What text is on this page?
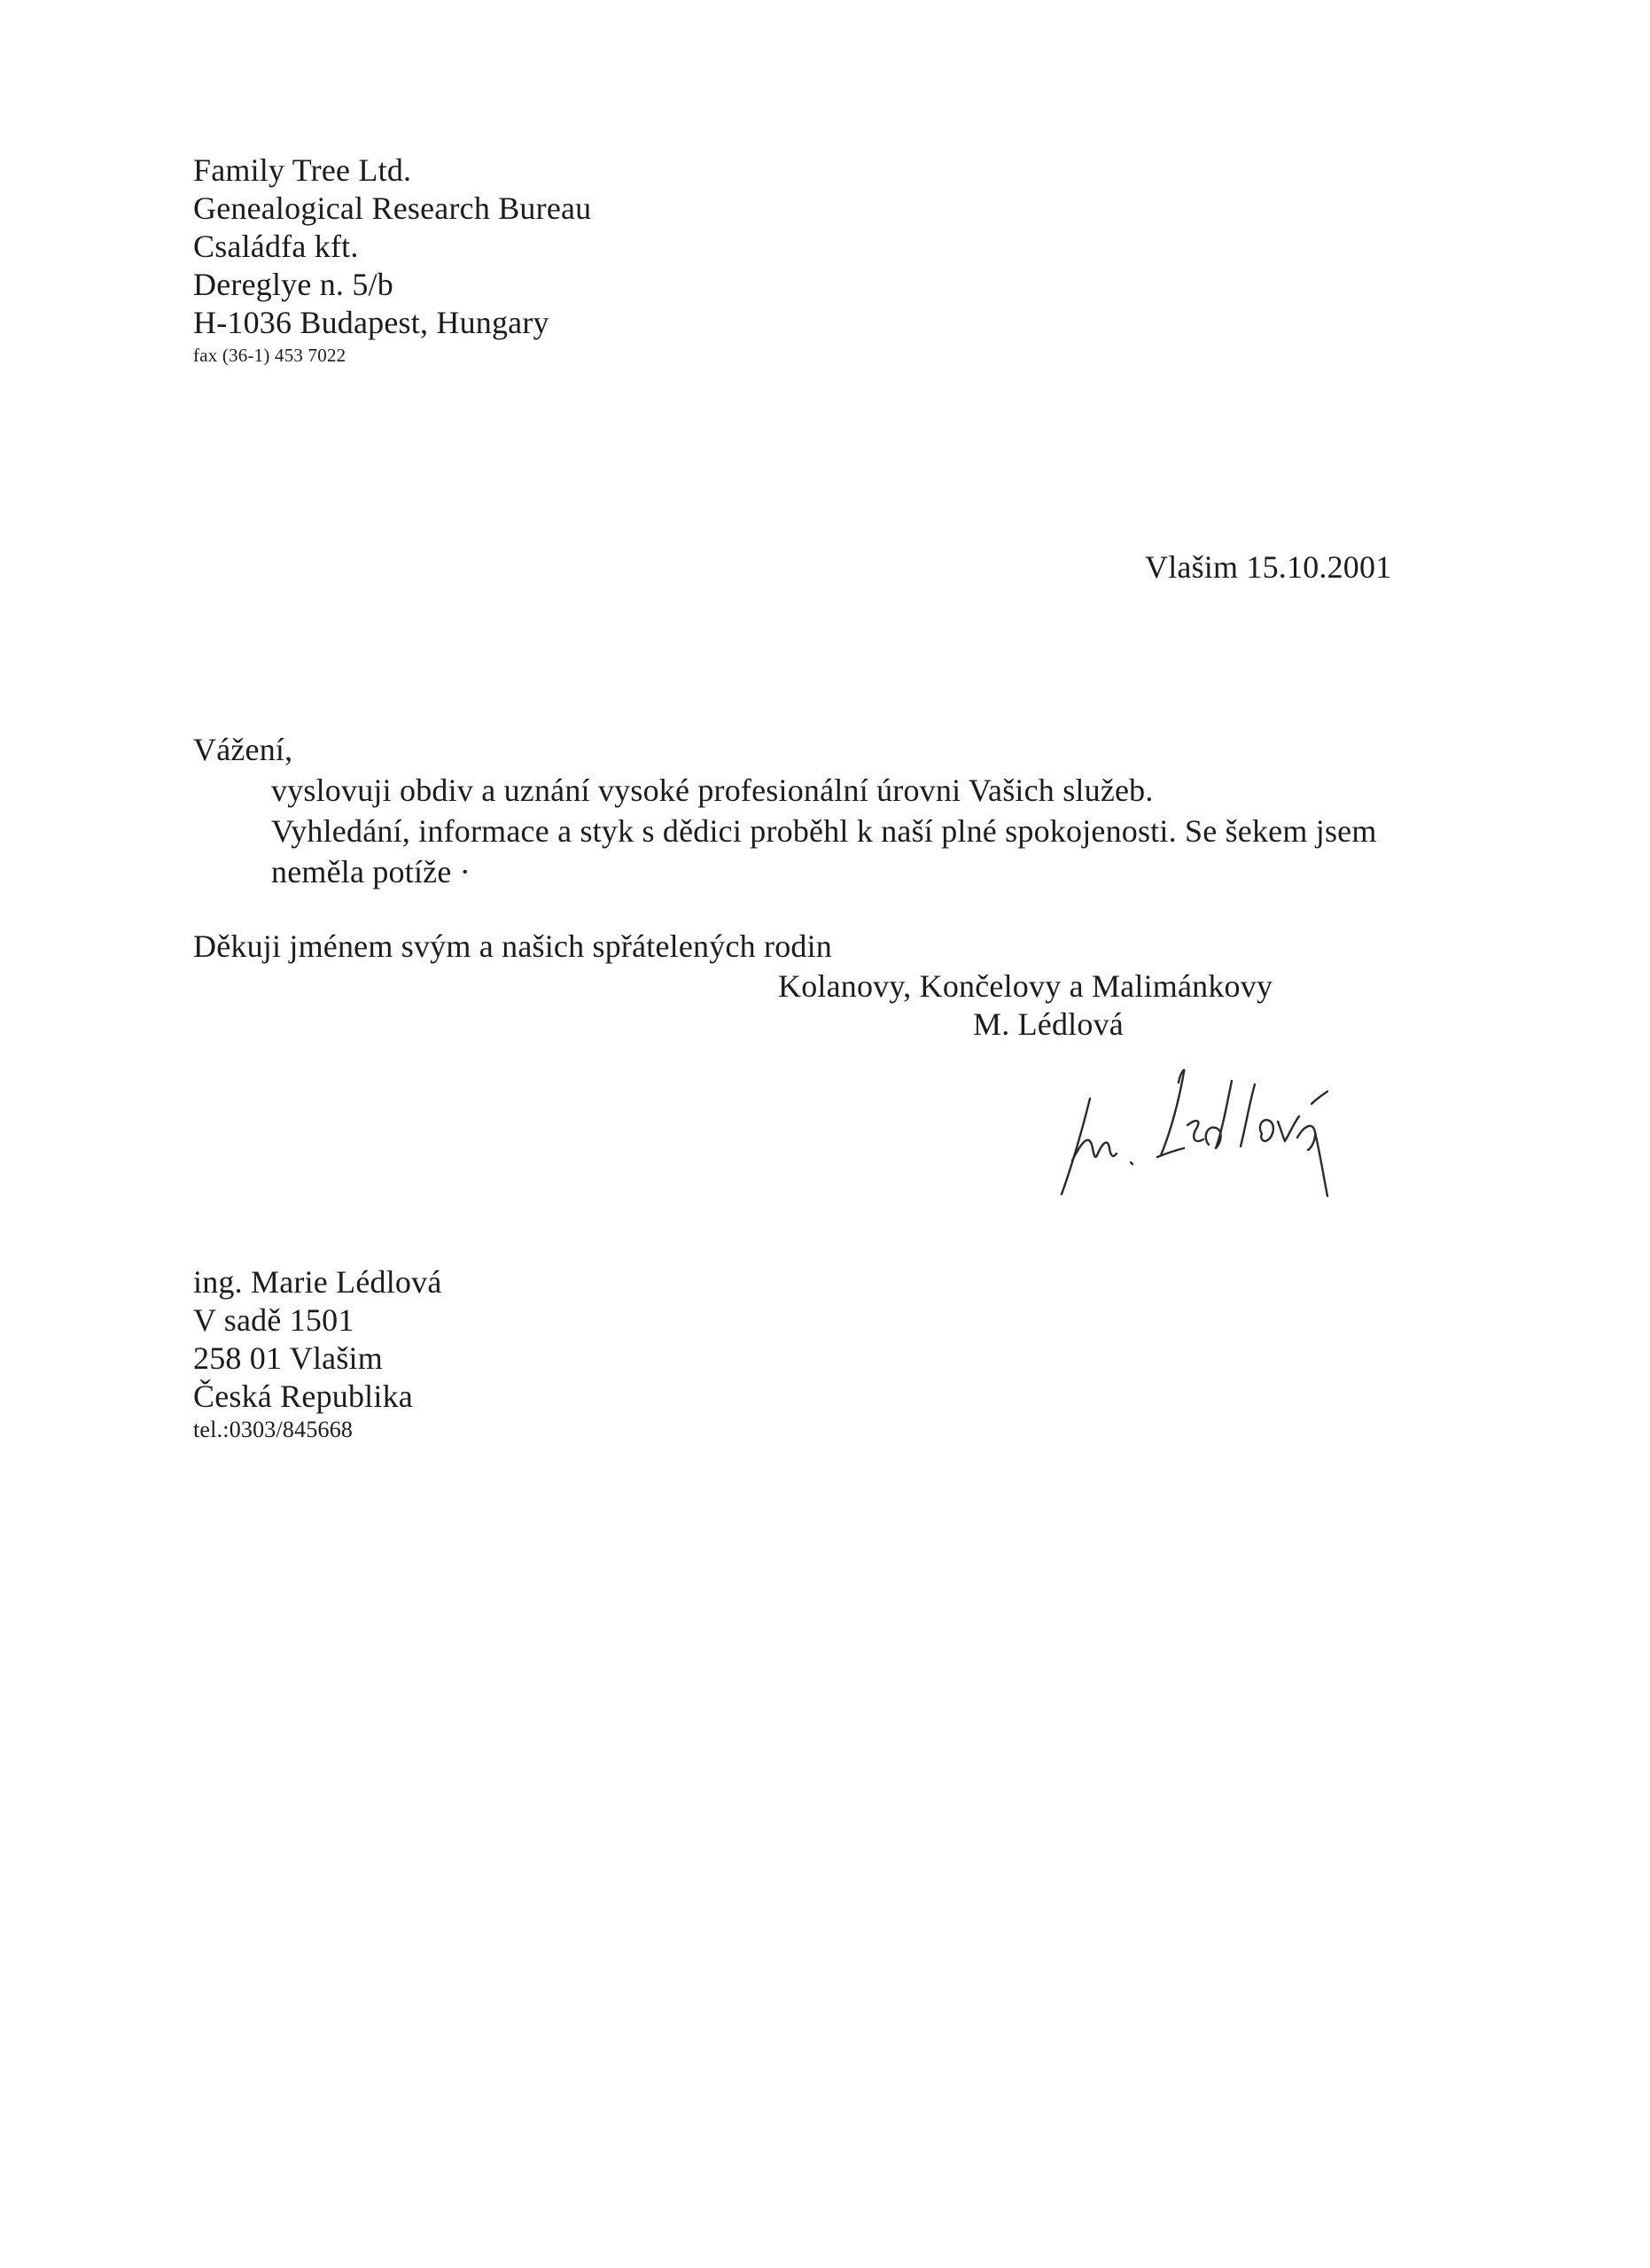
Family Tree Ltd.
Genealogical Research Bureau
Családfa kft.
Dereglye n. 5/b
H-1036 Budapest, Hungary
fax (36-1) 453 7022
Vlašim 15.10.2001
Vážení,
vyslovuji obdiv a uznání vysoké profesionální úrovni Vašich služeb.
Vyhledání, informace a styk s dědici proběhl k naší plné spokojenosti. Se šekem jsem
neměla potíže ·
Děkuji jménem svým a našich spřátelených rodin
Kolanovy, Končelovy a Malimánkovy
M. Lédlová
ing. Marie Lédlová
V sadě 1501
258 01 Vlašim
Česká Republika
tel.:0303/845668
